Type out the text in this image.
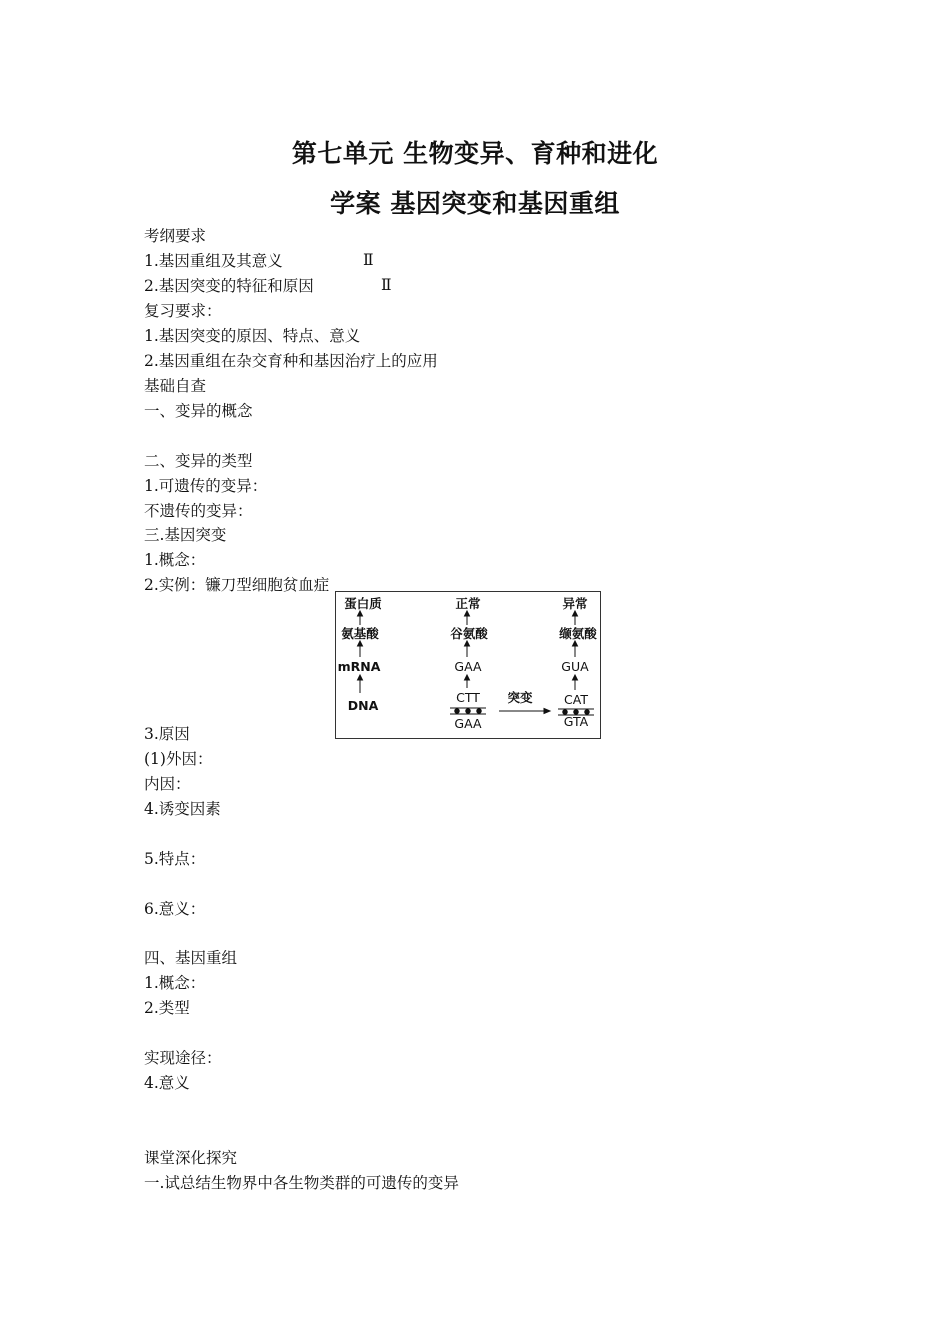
第七单元 生物变异、育种和进化
学案 基因突变和基因重组
考纲要求
1.基因重组及其意义	Ⅱ
2.基因突变的特征和原因	Ⅱ
复习要求：
1.基因突变的原因、特点、意义
2.基因重组在杂交育种和基因治疗上的应用
基础自查
一、变异的概念
二、变异的类型
1.可遗传的变异：
不遗传的变异：
三.基因突变
1.概念：
2.实例：镰刀型细胞贫血症
蛋白质
氨基酸
mRNA
DNA
正常
谷氨酸
GAA
CTT
GAA
突变
异常
缬氨酸
GUA
CAT
GTA
3.原因
(1)外因：
内因：
4.诱变因素
5.特点：
6.意义：
四、基因重组
1.概念：
2.类型
实现途径：
4.意义
课堂深化探究
一.试总结生物界中各生物类群的可遗传的变异
